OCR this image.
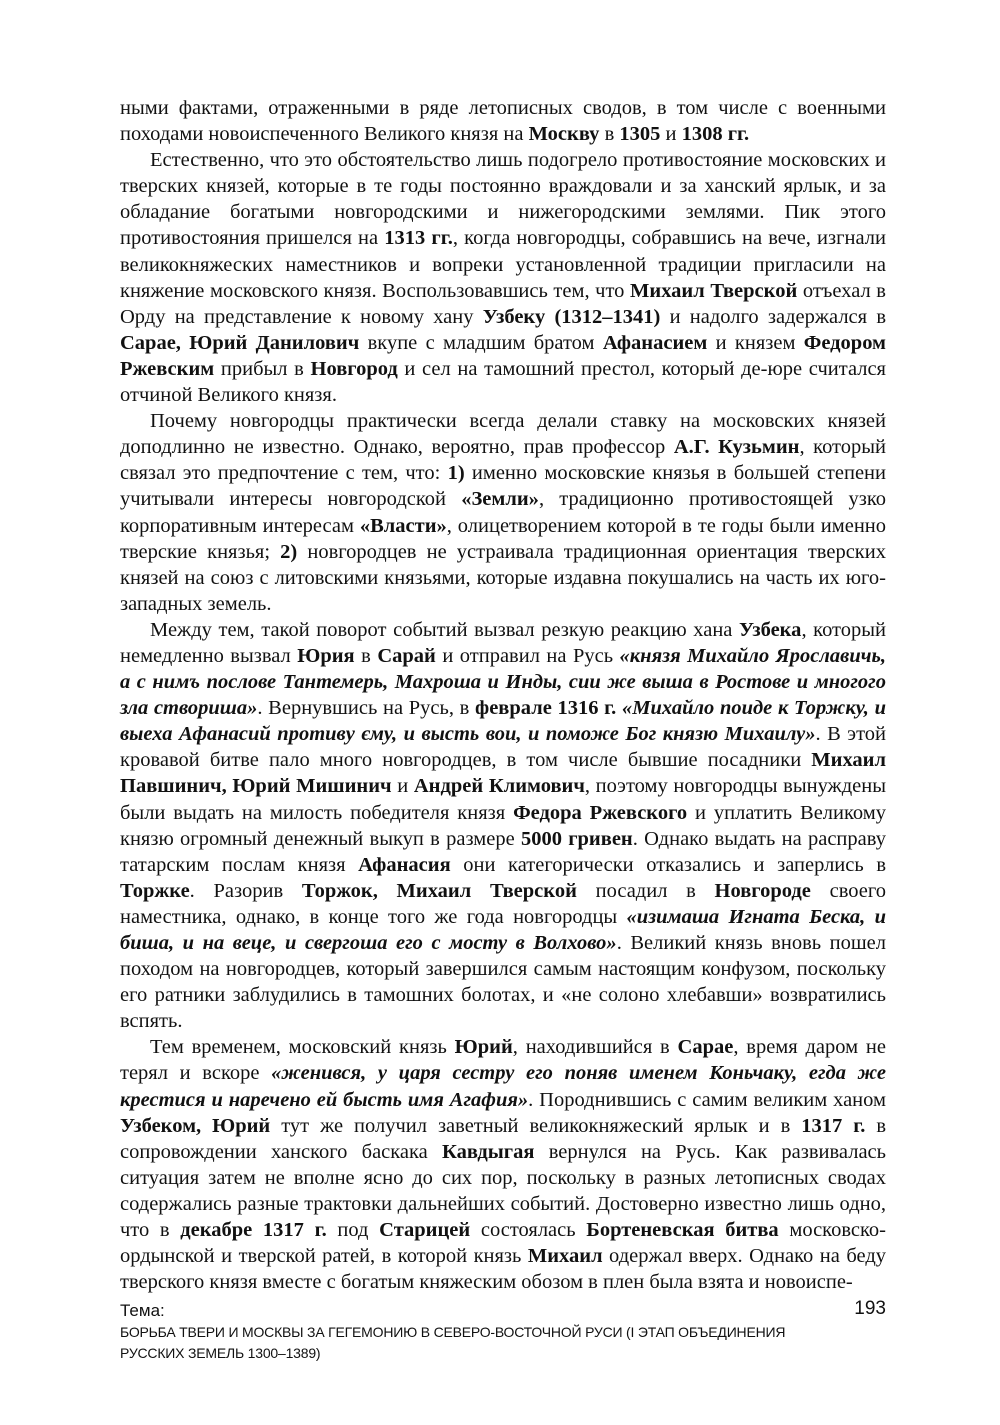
ными фактами, отраженными в ряде летописных сводов, в том числе с военными походами новоиспеченного Великого князя на Москву в 1305 и 1308 гг.

Естественно, что это обстоятельство лишь подогрело противостояние московских и тверских князей, которые в те годы постоянно враждовали и за ханский ярлык, и за обладание богатыми новгородскими и нижегородскими землями. Пик этого противостояния пришелся на 1313 гг., когда новгородцы, собравшись на вече, изгнали великокняжеских наместников и вопреки установленной традиции пригласили на княжение московского князя. Воспользовавшись тем, что Михаил Тверской отъехал в Орду на представление к новому хану Узбеку (1312–1341) и надолго задержался в Сарае, Юрий Данилович вкупе с младшим братом Афанасием и князем Федором Ржевским прибыл в Новгород и сел на тамошний престол, который де-юре считался отчиной Великого князя.

Почему новгородцы практически всегда делали ставку на московских князей доподлинно не известно. Однако, вероятно, прав профессор А.Г. Кузьмин, который связал это предпочтение с тем, что: 1) именно московские князья в большей степени учитывали интересы новгородской «Земли», традиционно противостоящей узко корпоративным интересам «Власти», олицетворением которой в те годы были именно тверские князья; 2) новгородцев не устраивала традиционная ориентация тверских князей на союз с литовскими князьями, которые издавна покушались на часть их юго-западных земель.

Между тем, такой поворот событий вызвал резкую реакцию хана Узбека, который немедленно вызвал Юрия в Сарай и отправил на Русь «князя Михайло Ярославичь, а с нимъ послове Тантемерь, Махроша и Инды, сии же выша в Ростове и многого зла створиша». Вернувшись на Русь, в феврале 1316 г. «Михайло поиде к Торжку, и выеха Афанасий противу єму, и высть вои, и поможе Бог князю Михаилу». В этой кровавой битве пало много новгородцев, в том числе бывшие посадники Михаил Павшинич, Юрий Мишинич и Андрей Климович, поэтому новгородцы вынуждены были выдать на милость победителя князя Федора Ржевского и уплатить Великому князю огромный денежный выкуп в размере 5000 гривен. Однако выдать на расправу татарским послам князя Афанасия они категорически отказались и заперлись в Торжке. Разорив Торжок, Михаил Тверской посадил в Новгороде своего наместника, однако, в конце того же года новгородцы «изимаша Игната Беска, и биша, и на веце, и свергоша его с мосту в Волхово». Великий князь вновь пошел походом на новгородцев, который завершился самым настоящим конфузом, поскольку его ратники заблудились в тамошних болотах, и «не солоно хлебавши» возвратились вспять.

Тем временем, московский князь Юрий, находившийся в Сарае, время даром не терял и вскоре «женився, у царя сестру его поняв именем Коньчаку, егда же крестися и наречено ей бысть имя Агафия». Породнившись с самим великим ханом Узбеком, Юрий тут же получил заветный великокняжеский ярлык и в 1317 г. в сопровождении ханского баскака Кавдыгая вернулся на Русь. Как развивалась ситуация затем не вполне ясно до сих пор, поскольку в разных летописных сводах содержались разные трактовки дальнейших событий. Достоверно известно лишь одно, что в декабре 1317 г. под Старицей состоялась Бортеневская битва московско-ордынской и тверской ратей, в которой князь Михаил одержал вверх. Однако на беду тверского князя вместе с богатым княжеским обозом в плен была взята и новоиспе-

Тема:
БОРЬБА ТВЕРИ И МОСКВЫ ЗА ГЕГЕМОНИЮ В СЕВЕРО-ВОСТОЧНОЙ РУСИ (I ЭТАП ОБЪЕДИНЕНИЯ
РУССКИХ ЗЕМЕЛЬ 1300–1389)
193
